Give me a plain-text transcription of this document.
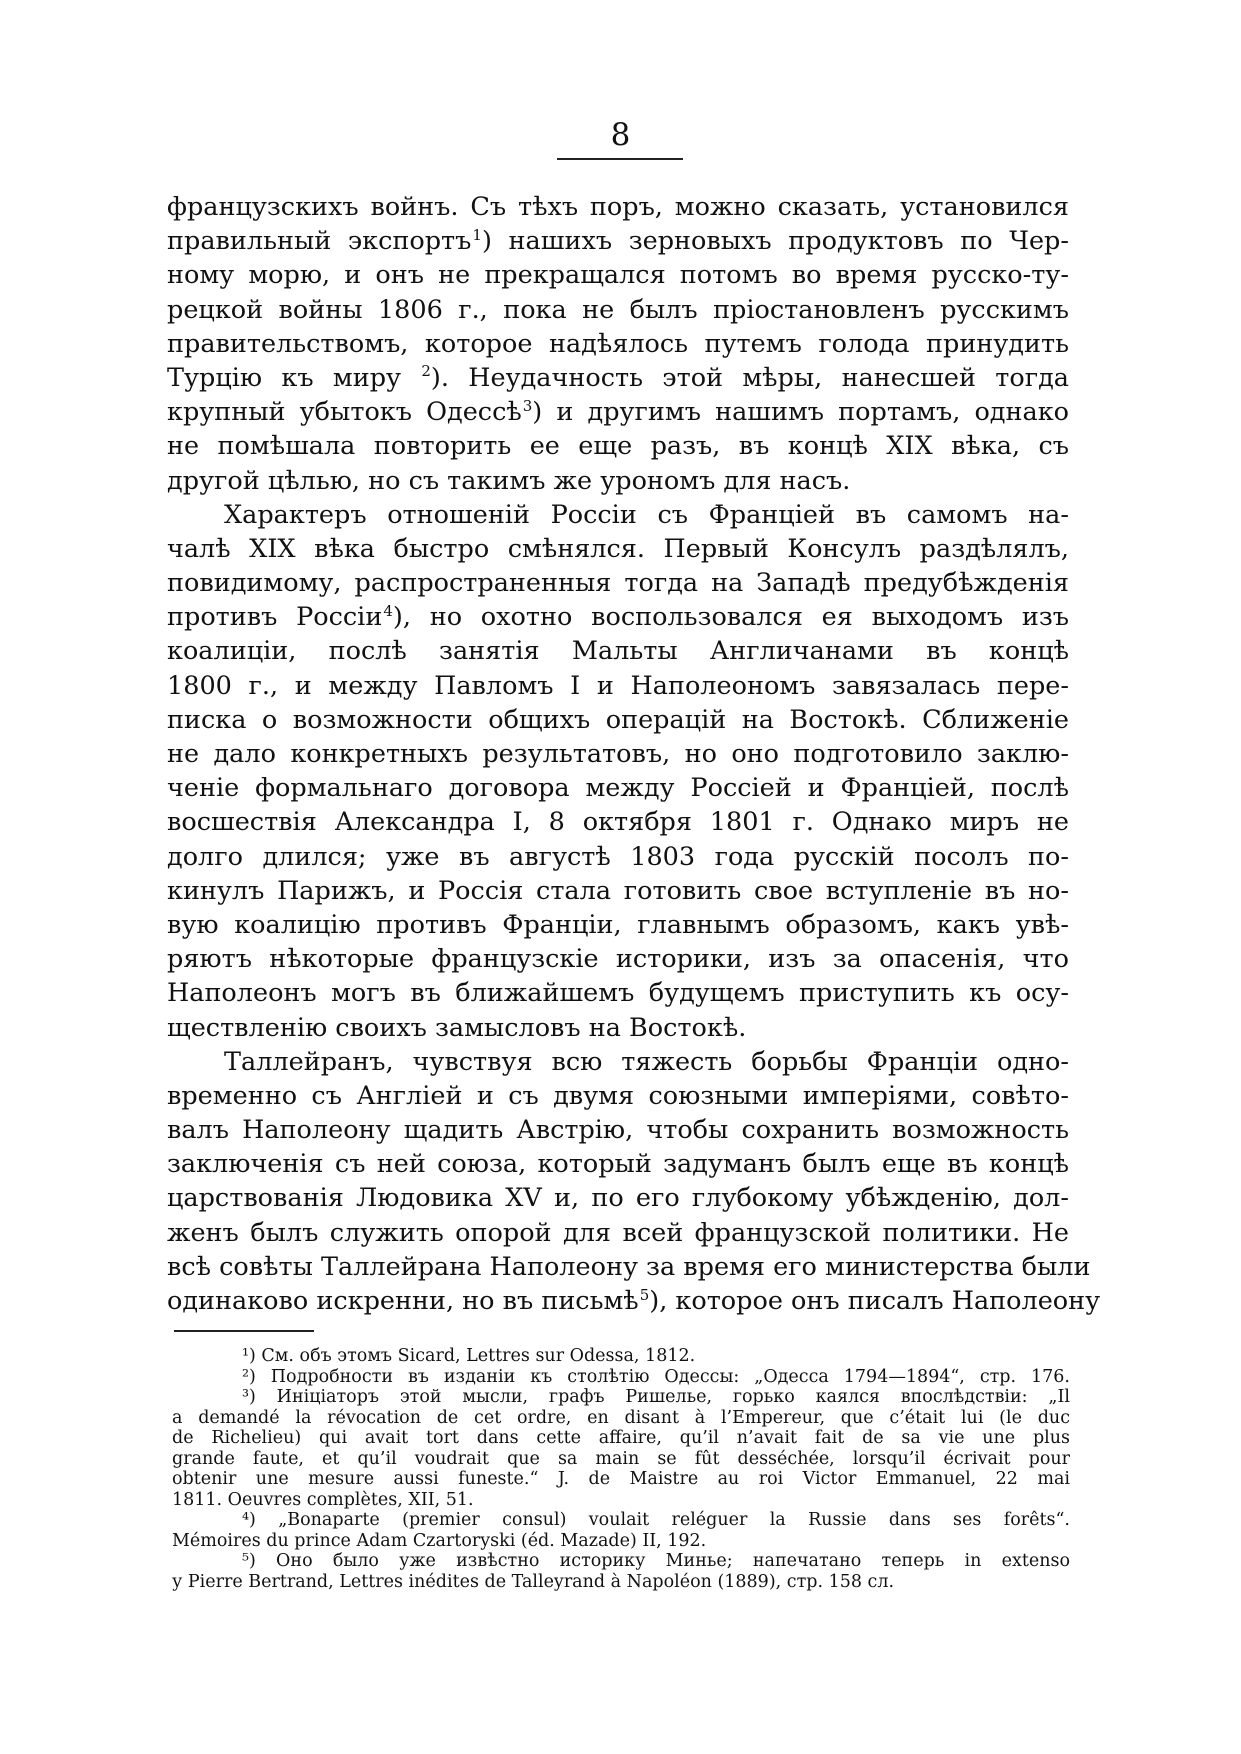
8
французскихъ войнъ. Съ тѣхъ поръ, можно сказать, установился
правильный экспортъ$^1$) нашихъ зерновыхъ продуктовъ по Чер-
ному морю, и онъ не прекращался потомъ во время русско-ту-
рецкой войны 1806 г., пока не былъ пріостановленъ русскимъ
правительствомъ, которое надѣялось путемъ голода принудить
Турцію къ миру $^2$). Неудачность этой мѣры, нанесшей тогда
крупный убытокъ Одессѣ$^3$) и другимъ нашимъ портамъ, однако
не помѣшала повторить ее еще разъ, въ концѣ XIX вѣка, съ
другой цѣлью, но съ такимъ же урономъ для насъ.
Характеръ отношеній Россіи съ Франціей въ самомъ на-
чалѣ XIX вѣка быстро смѣнялся. Первый Консулъ раздѣлялъ,
повидимому, распространенныя тогда на Западѣ предубѣжденія
противъ Россіи$^4$), но охотно воспользовался ея выходомъ изъ
коалиціи, послѣ занятія Мальты Англичанами въ концѣ
1800 г., и между Павломъ I и Наполеономъ завязалась пере-
писка о возможности общихъ операцій на Востокѣ. Сближеніе
не дало конкретныхъ результатовъ, но оно подготовило заклю-
ченіе формальнаго договора между Россіей и Франціей, послѣ
восшествія Александра I, 8 октября 1801 г. Однако миръ не
долго длился; уже въ августѣ 1803 года русскій посолъ по-
кинулъ Парижъ, и Россія стала готовить свое вступленіе въ но-
вую коалицію противъ Франціи, главнымъ образомъ, какъ увѣ-
ряютъ нѣкоторые французскіе историки, изъ за опасенія, что
Наполеонъ могъ въ ближайшемъ будущемъ приступить къ осу-
ществленію своихъ замысловъ на Востокѣ.
Таллейранъ, чувствуя всю тяжесть борьбы Франціи одно-
временно съ Англіей и съ двумя союзными имперіями, совѣто-
валъ Наполеону щадить Австрію, чтобы сохранить возможность
заключенія съ ней союза, который задуманъ былъ еще въ концѣ
царствованія Людовика XV и, по его глубокому убѣжденію, дол-
женъ былъ служить опорой для всей французской политики. Не
всѣ совѣты Таллейрана Наполеону за время его министерства были
одинаково искренни, но въ письмѣ$^5$), которое онъ писалъ Наполеону
¹) См. объ этомъ Sicard, Lettres sur Odessa, 1812.
²) Подробности въ изданіи къ столѣтію Одессы: „Одесса 1794—1894“, стр. 176.
³) Инiціаторъ этой мысли, графъ Ришелье, горько каялся впослѣдствіи: „Il
a demandé la révocation de cet ordre, en disant à l’Empereur, que c’était lui (le duc
de Richelieu) qui avait tort dans cette affaire, qu’il n’avait fait de sa vie une plus
grande faute, et qu’il voudrait que sa main se fût desséchée, lorsqu’il écrivait pour
obtenir une mesure aussi funeste.“ J. de Maistre au roi Victor Emmanuel, 22 mai
1811. Oeuvres complètes, XII, 51.
⁴) „Bonaparte (premier consul) voulait reléguer la Russie dans ses forêts“.
Mémoires du prince Adam Czartoryski (éd. Mazade) II, 192.
⁵) Оно было уже извѣстно историку Минье; напечатано теперь in extenso
у Pierre Bertrand, Lettres inédites de Talleyrand à Napoléon (1889), стр. 158 сл.
